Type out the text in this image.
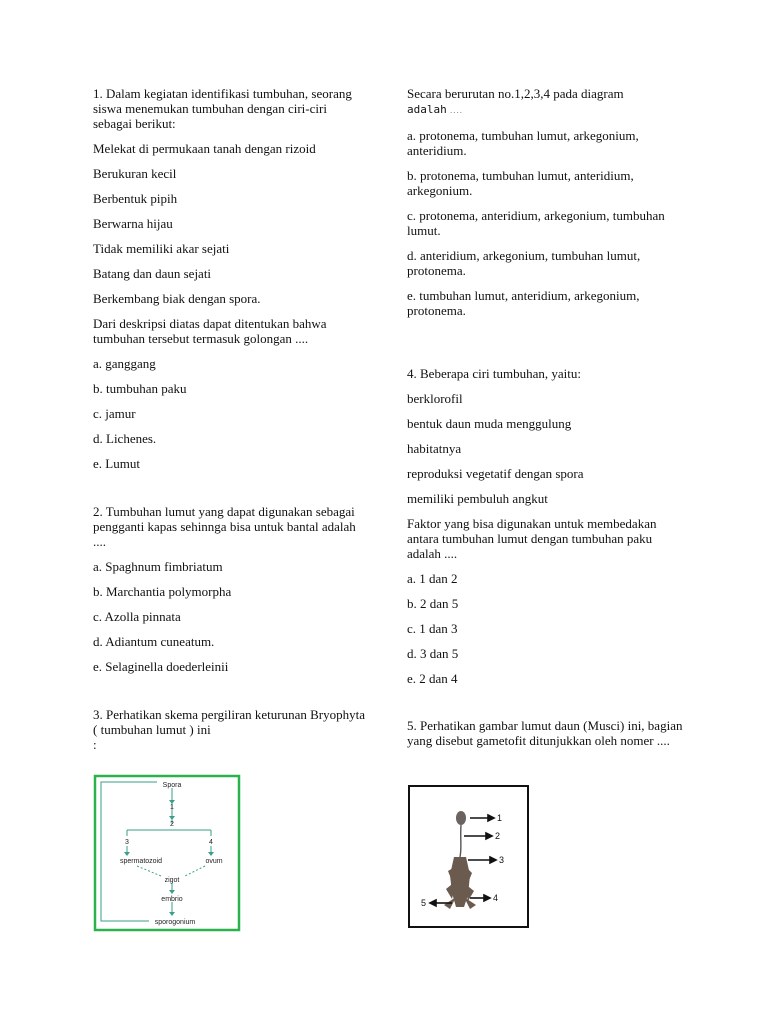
1. Dalam kegiatan identifikasi tumbuhan, seorang siswa menemukan tumbuhan dengan ciri-ciri sebagai berikut:

Melekat di permukaan tanah dengan rizoid

Berukuran kecil

Berbentuk pipih

Berwarna hijau

Tidak memiliki akar sejati

Batang dan daun sejati

Berkembang biak dengan spora.

Dari deskripsi diatas dapat ditentukan bahwa tumbuhan tersebut termasuk golongan ....

a. ganggang

b. tumbuhan paku

c. jamur

d. Lichenes.

e. Lumut

2. Tumbuhan lumut yang dapat digunakan sebagai pengganti kapas sehinnga bisa untuk bantal adalah ....

a. Spaghnum fimbriatum

b. Marchantia polymorpha

c. Azolla pinnata

d. Adiantum cuneatum.

e. Selaginella doederleinii

3. Perhatikan skema pergiliran keturunan Bryophyta ( tumbuhan lumut ) ini

:

Spora
1
2
3	4
spermatozoid	ovum
zigot
embrio
sporogonium

Secara berurutan no.1,2,3,4 pada diagram
adalah ....

a. protonema, tumbuhan lumut, arkegonium, anteridium.

b. protonema, tumbuhan lumut, anteridium, arkegonium.

c. protonema, anteridium, arkegonium, tumbuhan lumut.

d. anteridium, arkegonium, tumbuhan lumut, protonema.

e. tumbuhan lumut, anteridium, arkegonium, protonema.

4. Beberapa ciri tumbuhan, yaitu:

berklorofil

bentuk daun muda menggulung

habitatnya

reproduksi vegetatif dengan spora

memiliki pembuluh angkut

Faktor yang bisa digunakan untuk membedakan antara tumbuhan lumut dengan tumbuhan paku adalah ....

a. 1 dan 2

b. 2 dan 5

c. 1 dan 3

d. 3 dan 5

e. 2 dan 4

5. Perhatikan gambar lumut daun (Musci) ini, bagian yang disebut gametofit ditunjukkan oleh nomer ....

1
2
3
4
5
